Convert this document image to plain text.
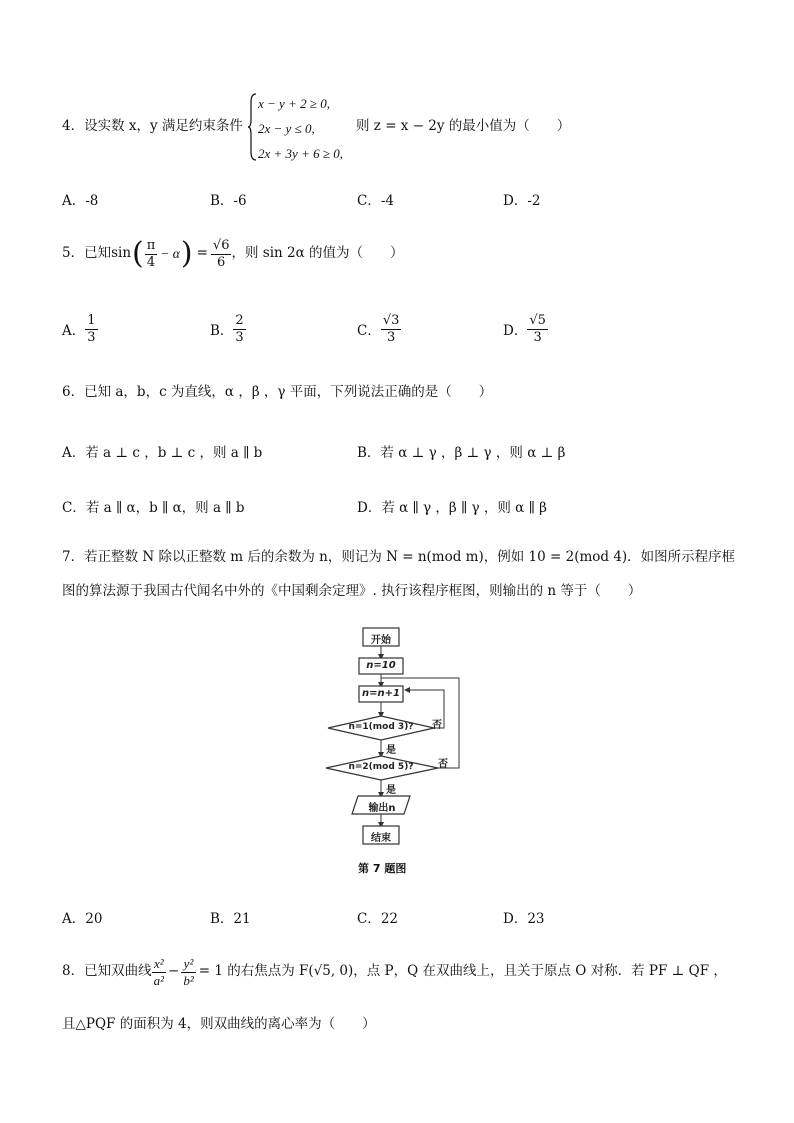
4．设实数 x，y 满足约束条件
x − y + 2 ≥ 0,
2x − y ≤ 0,
2x + 3y + 6 ≥ 0,
则 z = x − 2y 的最小值为（　　）
A．-8	B．-6	C．-4	D．-2
5．已知sin ( $\frac{\pi}{4} - \alpha$ ) = $\frac{√6}{6}$ ，则 sin 2α 的值为（　　）
A． $\frac{1}{3}$	B． $\frac{2}{3}$	C． $\frac{√3}{3}$	D． $\frac{√5}{3}$
6．已知 a，b，c 为直线，α ，β ，γ 平面，下列说法正确的是（　　）
A．若 a ⊥ c ，b ⊥ c ，则 a ∥ b	B．若 α ⊥ γ ，β ⊥ γ ，则 α ⊥ β
C．若 a ∥ α，b ∥ α，则 a ∥ b	D．若 α ∥ γ ，β ∥ γ ，则 α ∥ β
7．若正整数 N 除以正整数 m 后的余数为 n，则记为 N = n(mod m)，例如 10 = 2(mod 4)．如图所示程序框
图的算法源于我国古代闻名中外的《中国剩余定理》. 执行该程序框图，则输出的 n 等于（　　）
开始
n=10
n=n+1
n=1(mod 3)?
n=2(mod 5)?
是
是
否
否
输出n
结束
第 7 题图
A．20	B．21	C．22	D．23
8．已知双曲线 $\frac{\text{x²}}{\text{a²}} - \frac{\text{y²}}{\text{b²}} = 1$ 的右焦点为 F(√5, 0)，点 P，Q 在双曲线上，且关于原点 O 对称．若 PF ⊥ QF ，
且△PQF 的面积为 4，则双曲线的离心率为（　　）
